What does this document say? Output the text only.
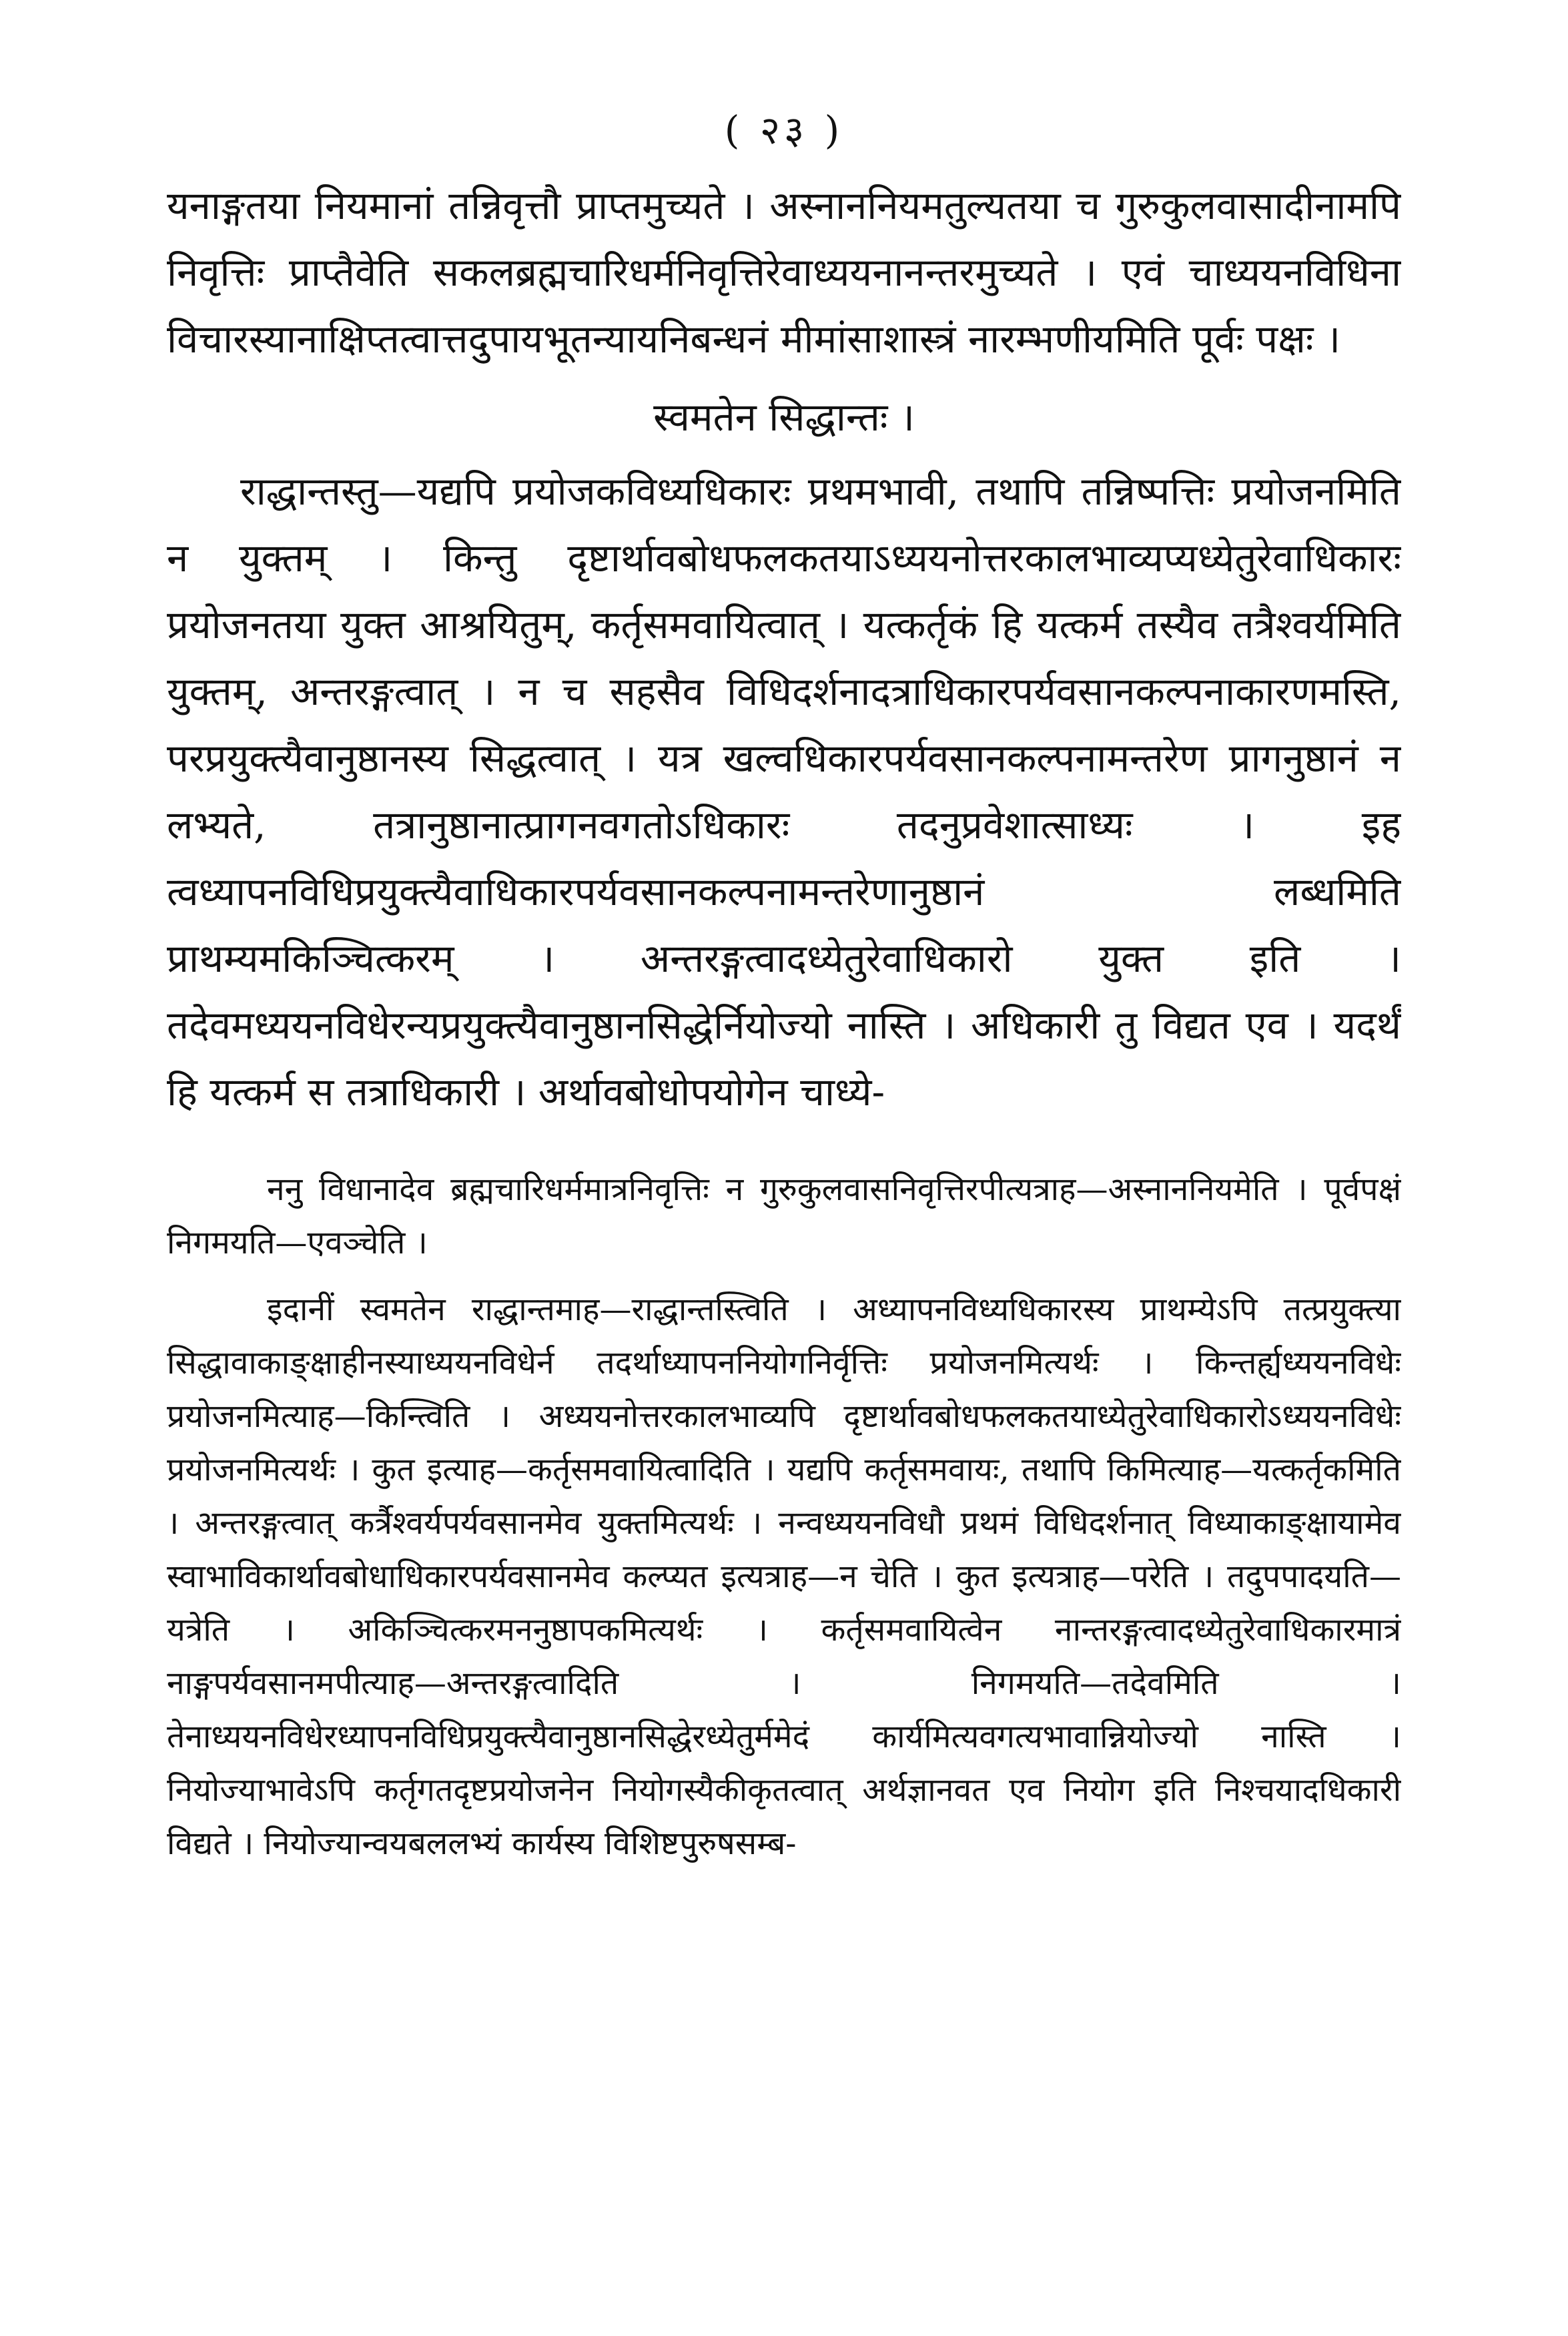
( २३ )

यनाङ्गतया नियमानां तन्निवृत्तौ प्राप्तमुच्यते । अस्नाननियमतुल्यतया च गुरुकुलवासादीनामपि निवृत्तिः प्राप्तैवेति सकलब्रह्मचारिधर्मनिवृत्तिरेवाध्ययनानन्तरमुच्यते । एवं चाध्ययनविधिना विचारस्यानाक्षिप्तत्वात्तदुपायभूतन्यायनिबन्धनं मीमांसाशास्त्रं नारम्भणीयमिति पूर्वः पक्षः ।

स्वमतेन सिद्धान्तः ।

राद्धान्तस्तु—यद्यपि प्रयोजकविध्यधिकारः प्रथमभावी, तथापि तन्निष्पत्तिः प्रयोजनमिति न युक्तम् । किन्तु दृष्टार्थावबोधफलकतयाऽध्ययनोत्तरकालभाव्यप्यध्येतुरेवाधिकारः प्रयोजनतया युक्त आश्रयितुम्, कर्तृसमवायित्वात् । यत्कर्तृकं हि यत्कर्म तस्यैव तत्रैश्वर्यमिति युक्तम्, अन्तरङ्गत्वात् । न च सहसैव विधिदर्शनादत्राधिकारपर्यवसानकल्पनाकारणमस्ति, परप्रयुक्त्यैवानुष्ठानस्य सिद्धत्वात् । यत्र खल्वधिकारपर्यवसानकल्पनामन्तरेण प्रागनुष्ठानं न लभ्यते, तत्रानुष्ठानात्प्रागनवगतोऽधिकारः तदनुप्रवेशात्साध्यः । इह त्वध्यापनविधिप्रयुक्त्यैवाधिकारपर्यवसानकल्पनामन्तरेणानुष्ठानं लब्धमिति प्राथम्यमकिञ्चित्करम् । अन्तरङ्गत्वादध्येतुरेवाधिकारो युक्त इति । तदेवमध्ययनविधेरन्यप्रयुक्त्यैवानुष्ठानसिद्धेर्नियोज्यो नास्ति । अधिकारी तु विद्यत एव । यदर्थं हि यत्कर्म स तत्राधिकारी । अर्थावबोधोपयोगेन चाध्ये-

ननु विधानादेव ब्रह्मचारिधर्ममात्रनिवृत्तिः न गुरुकुलवासनिवृत्तिरपीत्यत्राह—अस्नाननियमेति । पूर्वपक्षं निगमयति—एवञ्चेति ।

इदानीं स्वमतेन राद्धान्तमाह—राद्धान्तस्त्विति । अध्यापनविध्यधिकारस्य प्राथम्येऽपि तत्प्रयुक्त्या सिद्धावाकाङ्क्षाहीनस्याध्ययनविधेर्न तदर्थाध्यापननियोगनिर्वृत्तिः प्रयोजनमित्यर्थः । किन्तर्ह्यध्ययनविधेः प्रयोजनमित्याह—किन्त्विति । अध्ययनोत्तरकालभाव्यपि दृष्टार्थावबोधफलकतयाध्येतुरेवाधिकारोऽध्ययनविधेः प्रयोजनमित्यर्थः । कुत इत्याह—कर्तृसमवायित्वादिति । यद्यपि कर्तृसमवायः, तथापि किमित्याह—यत्कर्तृकमिति । अन्तरङ्गत्वात् कर्त्रैश्वर्यपर्यवसानमेव युक्तमित्यर्थः । नन्वध्ययनविधौ प्रथमं विधिदर्शनात् विध्याकाङ्क्षायामेव स्वाभाविकार्थावबोधाधिकारपर्यवसानमेव कल्प्यत इत्यत्राह—न चेति । कुत इत्यत्राह—परेति । तदुपपादयति—यत्रेति । अकिञ्चित्करमननुष्ठापकमित्यर्थः । कर्तृसमवायित्वेन नान्तरङ्गत्वादध्येतुरेवाधिकारमात्रं नाङ्गपर्यवसानमपीत्याह—अन्तरङ्गत्वादिति । निगमयति—तदेवमिति । तेनाध्ययनविधेरध्यापनविधिप्रयुक्त्यैवानुष्ठानसिद्धेरध्येतुर्ममेदं कार्यमित्यवगत्यभावान्नियोज्यो नास्ति । नियोज्याभावेऽपि कर्तृगतदृष्टप्रयोजनेन नियोगस्यैकीकृतत्वात् अर्थज्ञानवत एव नियोग इति निश्चयादधिकारी विद्यते । नियोज्यान्वयबललभ्यं कार्यस्य विशिष्टपुरुषसम्ब-
